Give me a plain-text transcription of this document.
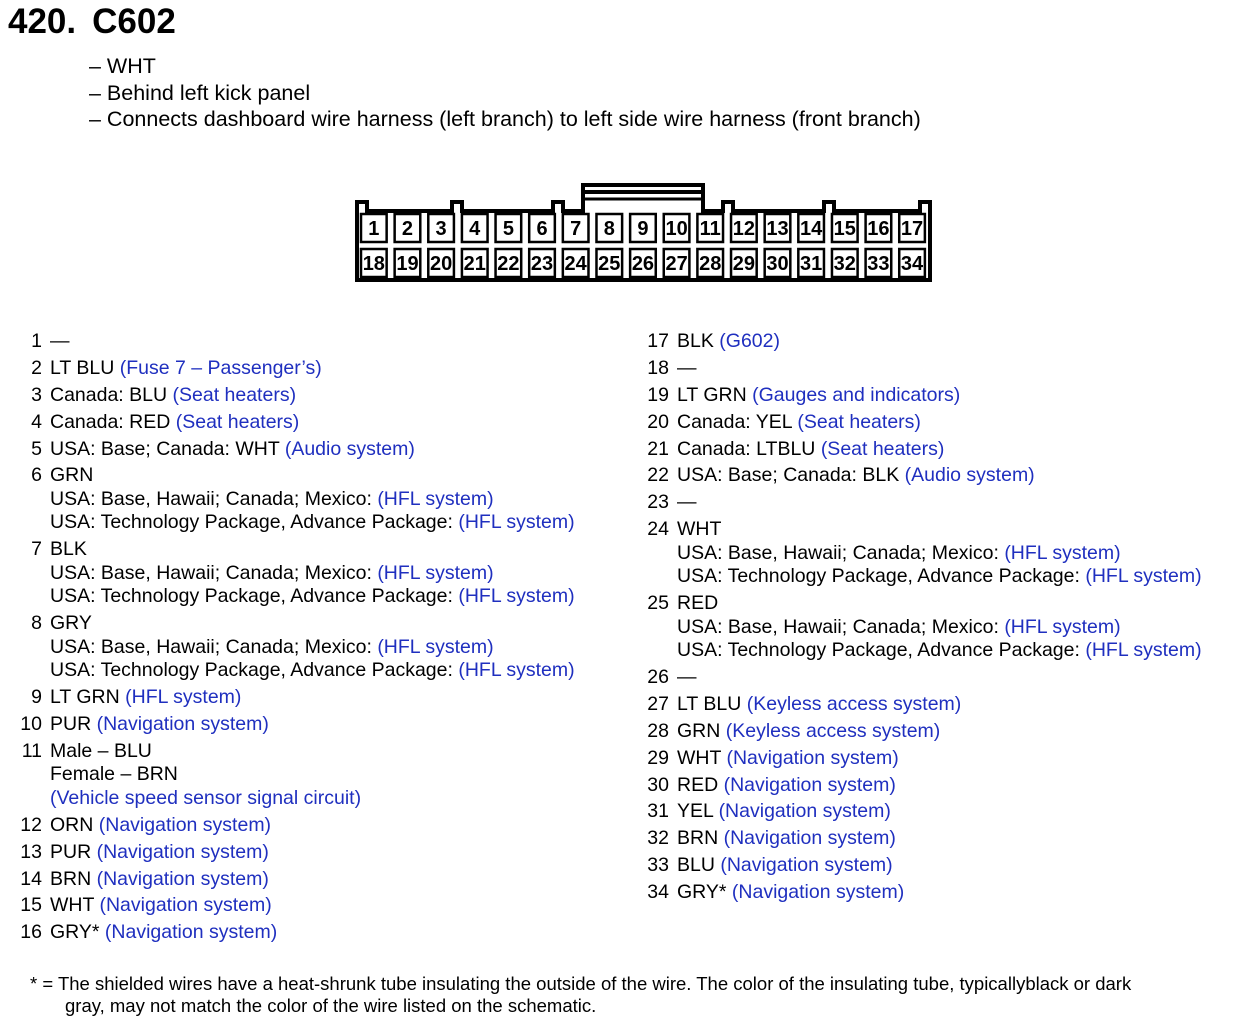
420. C602
– WHT
– Behind left kick panel
– Connects dashboard wire harness (left branch) to left side wire harness (front branch)
1 2 3 4 5 6 7 8 9 10 11 12 13 14 15 16 17
18 19 20 21 22 23 24 25 26 27 28 29 30 31 32 33 34
1 —
2 LT BLU (Fuse 7 – Passenger’s)
3 Canada: BLU (Seat heaters)
4 Canada: RED (Seat heaters)
5 USA: Base; Canada: WHT (Audio system)
6 GRN
USA: Base, Hawaii; Canada; Mexico: (HFL system)
USA: Technology Package, Advance Package: (HFL system)
7 BLK
USA: Base, Hawaii; Canada; Mexico: (HFL system)
USA: Technology Package, Advance Package: (HFL system)
8 GRY
USA: Base, Hawaii; Canada; Mexico: (HFL system)
USA: Technology Package, Advance Package: (HFL system)
9 LT GRN (HFL system)
10 PUR (Navigation system)
11 Male – BLU
Female – BRN
(Vehicle speed sensor signal circuit)
12 ORN (Navigation system)
13 PUR (Navigation system)
14 BRN (Navigation system)
15 WHT (Navigation system)
16 GRY* (Navigation system)
17 BLK (G602)
18 —
19 LT GRN (Gauges and indicators)
20 Canada: YEL (Seat heaters)
21 Canada: LTBLU (Seat heaters)
22 USA: Base; Canada: BLK (Audio system)
23 —
24 WHT
USA: Base, Hawaii; Canada; Mexico: (HFL system)
USA: Technology Package, Advance Package: (HFL system)
25 RED
USA: Base, Hawaii; Canada; Mexico: (HFL system)
USA: Technology Package, Advance Package: (HFL system)
26 —
27 LT BLU (Keyless access system)
28 GRN (Keyless access system)
29 WHT (Navigation system)
30 RED (Navigation system)
31 YEL (Navigation system)
32 BRN (Navigation system)
33 BLU (Navigation system)
34 GRY* (Navigation system)
* = The shielded wires have a heat-shrunk tube insulating the outside of the wire. The color of the insulating tube, typicallyblack or dark
gray, may not match the color of the wire listed on the schematic.
